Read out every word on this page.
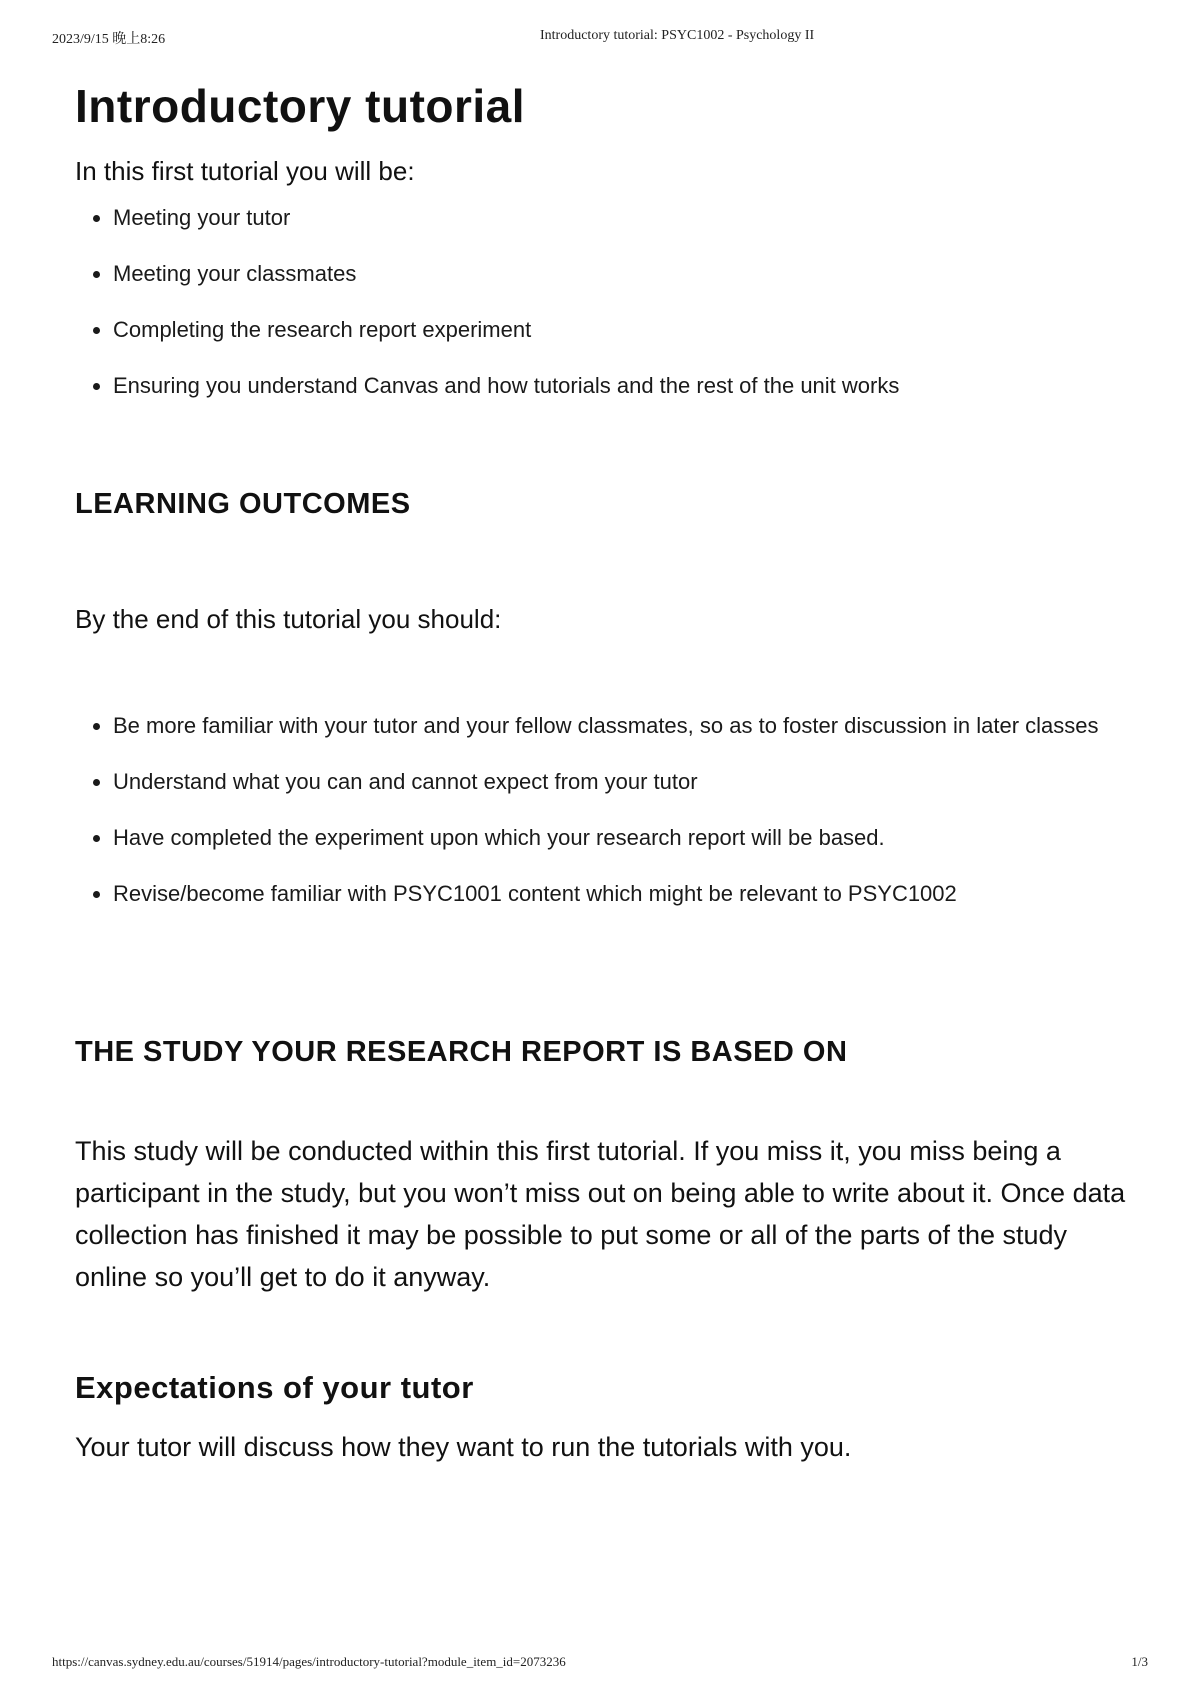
2023/9/15 晚上8:26	Introductory tutorial: PSYC1002 - Psychology II
Introductory tutorial

In this first tutorial you will be:

• Meeting your tutor
• Meeting your classmates
• Completing the research report experiment
• Ensuring you understand Canvas and how tutorials and the rest of the unit works
LEARNING OUTCOMES

By the end of this tutorial you should:

• Be more familiar with your tutor and your fellow classmates, so as to foster discussion in later classes
• Understand what you can and cannot expect from your tutor
• Have completed the experiment upon which your research report will be based.
• Revise/become familiar with PSYC1001 content which might be relevant to PSYC1002
THE STUDY YOUR RESEARCH REPORT IS BASED ON

This study will be conducted within this first tutorial. If you miss it, you miss being a participant in the study, but you won’t miss out on being able to write about it. Once data collection has finished it may be possible to put some or all of the parts of the study online so you’ll get to do it anyway.

Expectations of your tutor

Your tutor will discuss how they want to run the tutorials with you.

https://canvas.sydney.edu.au/courses/51914/pages/introductory-tutorial?module_item_id=2073236	1/3
